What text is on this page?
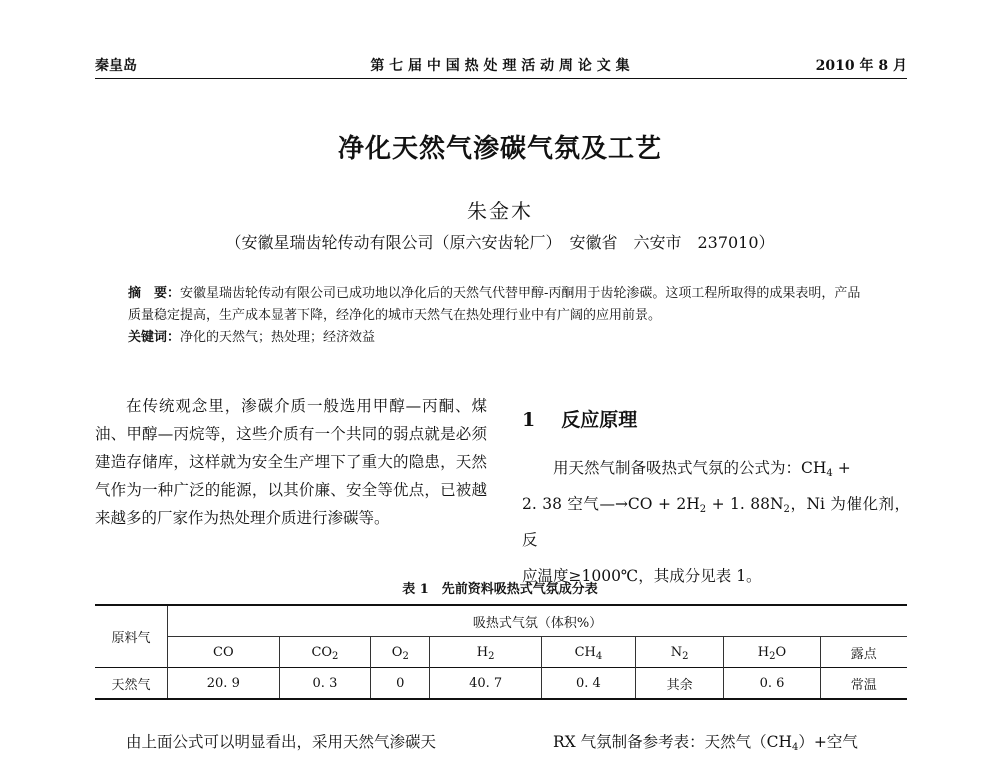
秦皇岛	第 七 届 中 国 热 处 理 活 动 周 论 文 集	2010 年 8 月
净化天然气渗碳气氛及工艺
朱金木
（安徽星瑞齿轮传动有限公司（原六安齿轮厂）　安徽省　六安市　237010）
摘　要：安徽星瑞齿轮传动有限公司已成功地以净化后的天然气代替甲醇-丙酮用于齿轮渗碳。这项工程所取得的成果表明，产品质量稳定提高，生产成本显著下降，经净化的城市天然气在热处理行业中有广阔的应用前景。
关键词：净化的天然气；热处理；经济效益
在传统观念里，渗碳介质一般选用甲醇—丙酮、煤油、甲醇—丙烷等，这些介质有一个共同的弱点就是必须建造存储库，这样就为安全生产埋下了重大的隐患，天然气作为一种广泛的能源，以其价廉、安全等优点，已被越来越多的厂家作为热处理介质进行渗碳等。
1 反应原理
用天然气制备吸热式气氛的公式为：$CH_4$ +
2. 38 空气—→CO + $2H_2 + 1$. $88N_2$，Ni 为催化剂，反
应温度≥1000℃，其成分见表 1。
表 1　先前资料吸热式气氛成分表
原料气	吸热式气氛（体积%）							
	CO	$CO_2$	$O_2$	$H_2$	$CH_4$	$N_2$	$H_2O$	露点
天然气	20. 9	0. 3	0	40. 7	0. 4	其余	0. 6	常温
由上面公式可以明显看出，采用天然气渗碳天	RX 气氛制备参考表：天然气$(CH_4)+$空气
